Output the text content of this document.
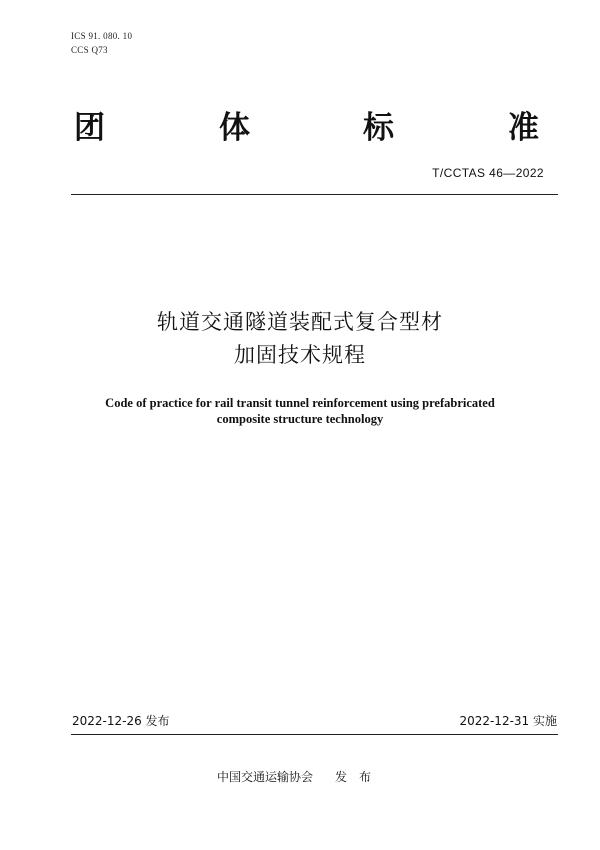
ICS 91. 080. 10
CCS Q73
团	体	标	准
T/CCTAS 46—2022
轨道交通隧道装配式复合型材
加固技术规程
Code of practice for rail transit tunnel reinforcement using prefabricated
composite structure technology
2022-12-26 发布	2022-12-31 实施
中国交通运输协会 发布
